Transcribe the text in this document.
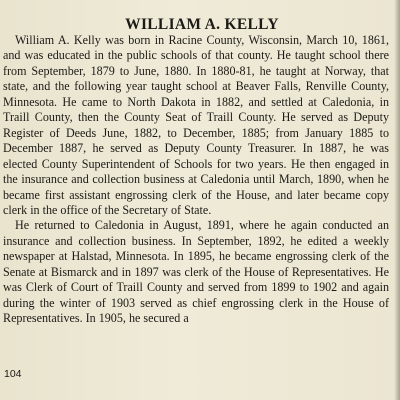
WILLIAM A. KELLY

William A. Kelly was born in Racine County, Wisconsin, March 10, 1861, and was educated in the public schools of that county. He taught school there from September, 1879 to June, 1880. In 1880-81, he taught at Norway, that state, and the following year taught school at Beaver Falls, Renville County, Minnesota. He came to North Dakota in 1882, and settled at Caledonia, in Traill County, then the County Seat of Traill County. He served as Deputy Register of Deeds June, 1882, to December, 1885; from January 1885 to December 1887, he served as Deputy County Treasurer. In 1887, he was elected County Superintendent of Schools for two years. He then engaged in the insurance and collection business at Caledonia until March, 1890, when he became first assistant engrossing clerk of the House, and later became copy clerk in the office of the Secretary of State.

He returned to Caledonia in August, 1891, where he again conducted an insurance and collection business. In September, 1892, he edited a weekly newspaper at Halstad, Minnesota. In 1895, he became engrossing clerk of the Senate at Bismarck and in 1897 was clerk of the House of Representatives. He was Clerk of Court of Traill County and served from 1899 to 1902 and again during the winter of 1903 served as chief engrossing clerk in the House of Representatives. In 1905, he secured a

104
